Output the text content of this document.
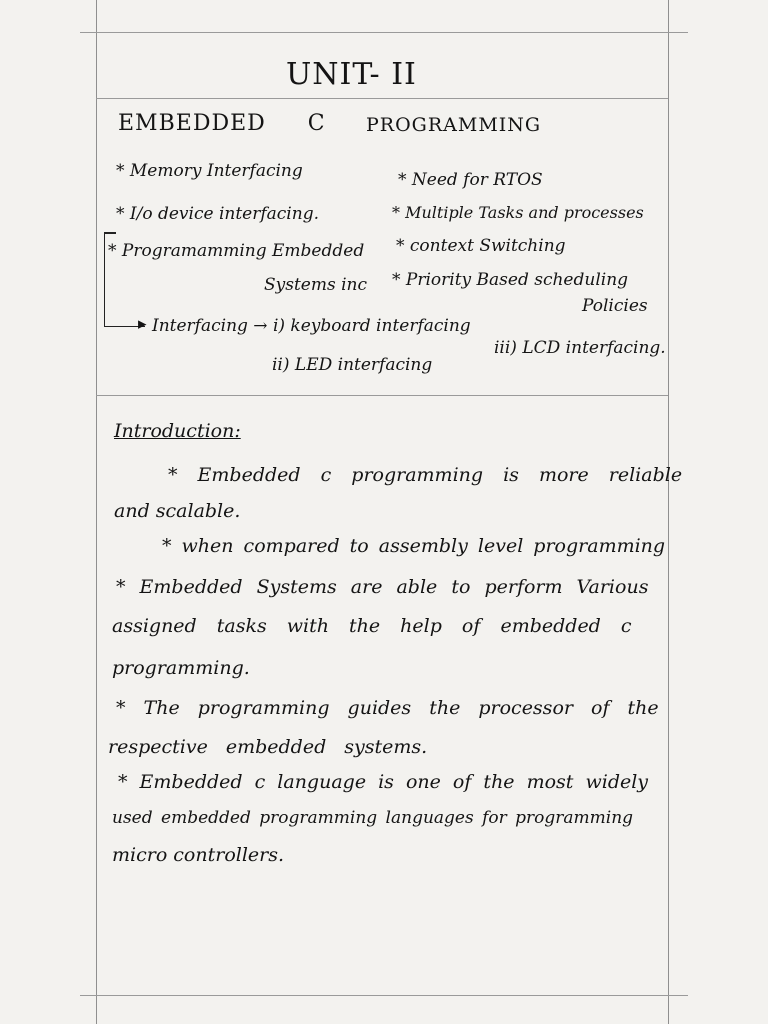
UNIT- II
EMBEDDED C PROGRAMMING
* Memory Interfacing
* I/o device interfacing.
* Programamming Embedded
Systems inc
Interfacing → i) keyboard interfacing
ii) LED interfacing
iii) LCD interfacing.
* Need for RTOS
* Multiple Tasks and processes
* context Switching
* Priority Based scheduling
Policies
▸
Introduction:
* Embedded c programming is more reliable
and scalable.
* when compared to assembly level programming
* Embedded Systems are able to perform Various
assigned tasks with the help of embedded c
programming.
* The programming guides the processor of the
respective embedded systems.
* Embedded c language is one of the most widely
used embedded programming languages for programming
micro controllers.
